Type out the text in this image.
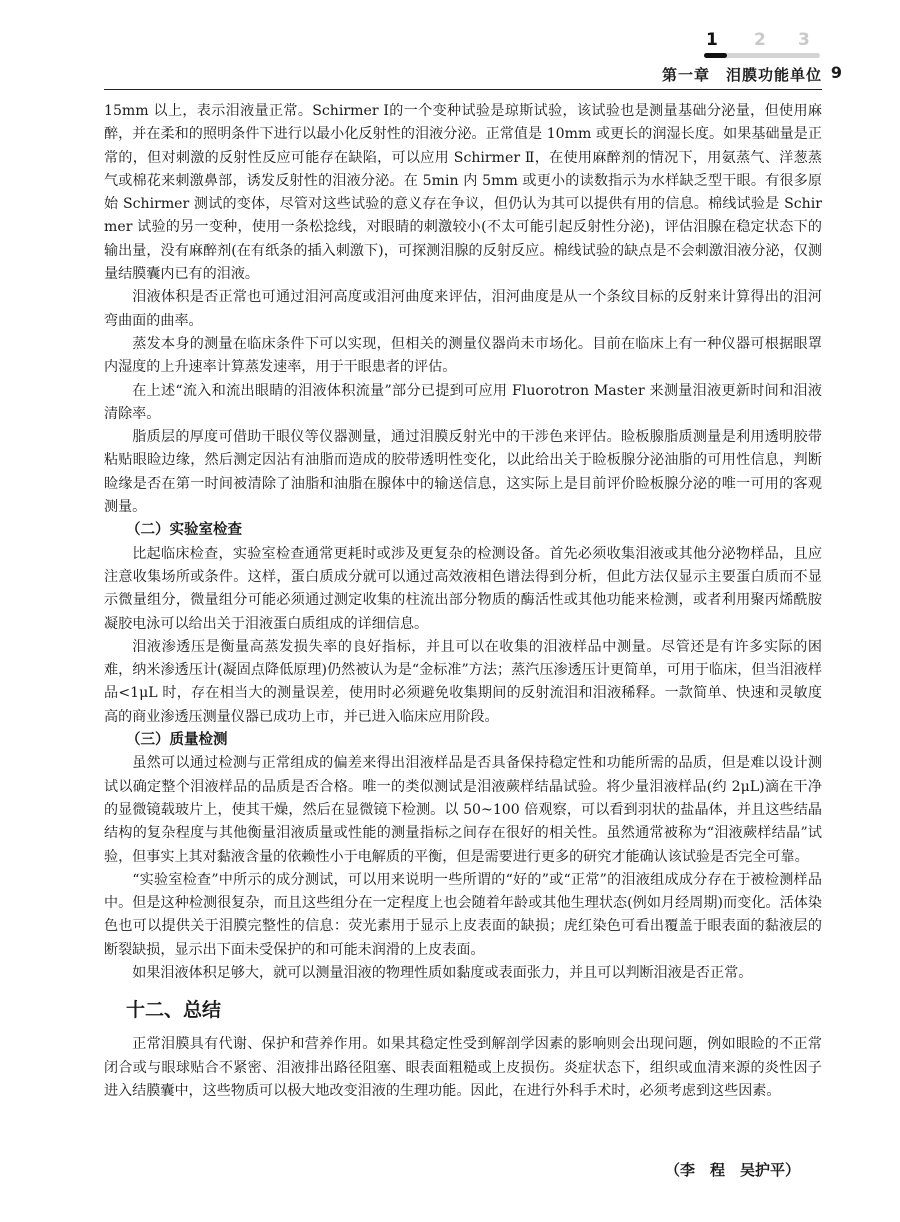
1 2 3
第一章　泪膜功能单位 9

15mm 以上，表示泪液量正常。Schirmer Ⅰ的一个变种试验是琼斯试验，该试验也是测量基础分泌量，但使用麻醉，并在柔和的照明条件下进行以最小化反射性的泪液分泌。正常值是 10mm 或更长的润湿长度。如果基础量是正常的，但对刺激的反射性反应可能存在缺陷，可以应用 Schirmer Ⅱ，在使用麻醉剂的情况下，用氨蒸气、洋葱蒸气或棉花来刺激鼻部，诱发反射性的泪液分泌。在 5min 内 5mm 或更小的读数指示为水样缺乏型干眼。有很多原始 Schirmer 测试的变体，尽管对这些试验的意义存在争议，但仍认为其可以提供有用的信息。棉线试验是 Schirmer 试验的另一变种，使用一条松捻线，对眼睛的刺激较小(不太可能引起反射性分泌)，评估泪腺在稳定状态下的输出量，没有麻醉剂(在有纸条的插入刺激下)，可探测泪腺的反射反应。棉线试验的缺点是不会刺激泪液分泌，仅测量结膜囊内已有的泪液。

泪液体积是否正常也可通过泪河高度或泪河曲度来评估，泪河曲度是从一个条纹目标的反射来计算得出的泪河弯曲面的曲率。

蒸发本身的测量在临床条件下可以实现，但相关的测量仪器尚未市场化。目前在临床上有一种仪器可根据眼罩内湿度的上升速率计算蒸发速率，用于干眼患者的评估。

在上述“流入和流出眼睛的泪液体积流量”部分已提到可应用 Fluorotron Master 来测量泪液更新时间和泪液清除率。

脂质层的厚度可借助干眼仪等仪器测量，通过泪膜反射光中的干涉色来评估。睑板腺脂质测量是利用透明胶带粘贴眼睑边缘，然后测定因沾有油脂而造成的胶带透明性变化，以此给出关于睑板腺分泌油脂的可用性信息，判断睑缘是否在第一时间被清除了油脂和油脂在腺体中的输送信息，这实际上是目前评价睑板腺分泌的唯一可用的客观测量。

（二）实验室检查

比起临床检查，实验室检查通常更耗时或涉及更复杂的检测设备。首先必须收集泪液或其他分泌物样品，且应注意收集场所或条件。这样，蛋白质成分就可以通过高效液相色谱法得到分析，但此方法仅显示主要蛋白质而不显示微量组分，微量组分可能必须通过测定收集的柱流出部分物质的酶活性或其他功能来检测，或者利用聚丙烯酰胺凝胶电泳可以给出关于泪液蛋白质组成的详细信息。

泪液渗透压是衡量高蒸发损失率的良好指标，并且可以在收集的泪液样品中测量。尽管还是有许多实际的困难，纳米渗透压计(凝固点降低原理)仍然被认为是“金标准”方法；蒸汽压渗透压计更简单，可用于临床，但当泪液样品<1μL 时，存在相当大的测量误差，使用时必须避免收集期间的反射流泪和泪液稀释。一款简单、快速和灵敏度高的商业渗透压测量仪器已成功上市，并已进入临床应用阶段。

（三）质量检测

虽然可以通过检测与正常组成的偏差来得出泪液样品是否具备保持稳定性和功能所需的品质，但是难以设计测试以确定整个泪液样品的品质是否合格。唯一的类似测试是泪液蕨样结晶试验。将少量泪液样品(约 2μL)滴在干净的显微镜载玻片上，使其干燥，然后在显微镜下检测。以 50~100 倍观察，可以看到羽状的盐晶体，并且这些结晶结构的复杂程度与其他衡量泪液质量或性能的测量指标之间存在很好的相关性。虽然通常被称为“泪液蕨样结晶”试验，但事实上其对黏液含量的依赖性小于电解质的平衡，但是需要进行更多的研究才能确认该试验是否完全可靠。

“实验室检查”中所示的成分测试，可以用来说明一些所谓的“好的”或“正常”的泪液组成成分存在于被检测样品中。但是这种检测很复杂，而且这些组分在一定程度上也会随着年龄或其他生理状态(例如月经周期)而变化。活体染色也可以提供关于泪膜完整性的信息：荧光素用于显示上皮表面的缺损；虎红染色可看出覆盖于眼表面的黏液层的断裂缺损，显示出下面未受保护的和可能未润滑的上皮表面。

如果泪液体积足够大，就可以测量泪液的物理性质如黏度或表面张力，并且可以判断泪液是否正常。

十二、总结

正常泪膜具有代谢、保护和营养作用。如果其稳定性受到解剖学因素的影响则会出现问题，例如眼睑的不正常闭合或与眼球贴合不紧密、泪液排出路径阻塞、眼表面粗糙或上皮损伤。炎症状态下，组织或血清来源的炎性因子进入结膜囊中，这些物质可以极大地改变泪液的生理功能。因此，在进行外科手术时，必须考虑到这些因素。

（李　程　吴护平）
